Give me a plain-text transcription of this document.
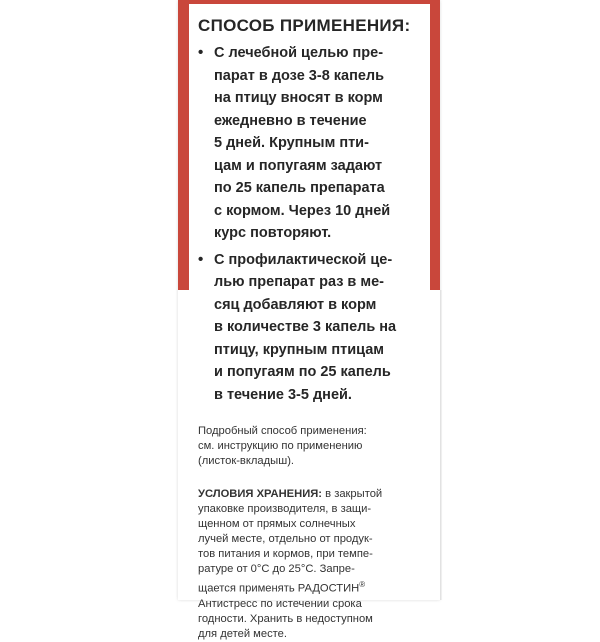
СПОСОБ ПРИМЕНЕНИЯ:
• С лечебной целью пре-
парат в дозе 3-8 капель
на птицу вносят в корм
ежедневно в течение
5 дней. Крупным пти-
цам и попугаям задают
по 25 капель препарата
с кормом. Через 10 дней
курс повторяют.
• С профилактической це-
лью препарат раз в ме-
сяц добавляют в корм
в количестве 3 капель на
птицу, крупным птицам
и попугаям по 25 капель
в течение 3-5 дней.
Подробный способ применения:
см. инструкцию по применению
(листок-вкладыш).
УСЛОВИЯ ХРАНЕНИЯ: в закрытой
упаковке производителя, в защи-
щенном от прямых солнечных
лучей месте, отдельно от продук-
тов питания и кормов, при темпе-
ратуре от 0°С до 25°С. Запре-
щается применять РАДОСТИН®
Антистресс по истечении срока
годности. Хранить в недоступном
для детей месте.
